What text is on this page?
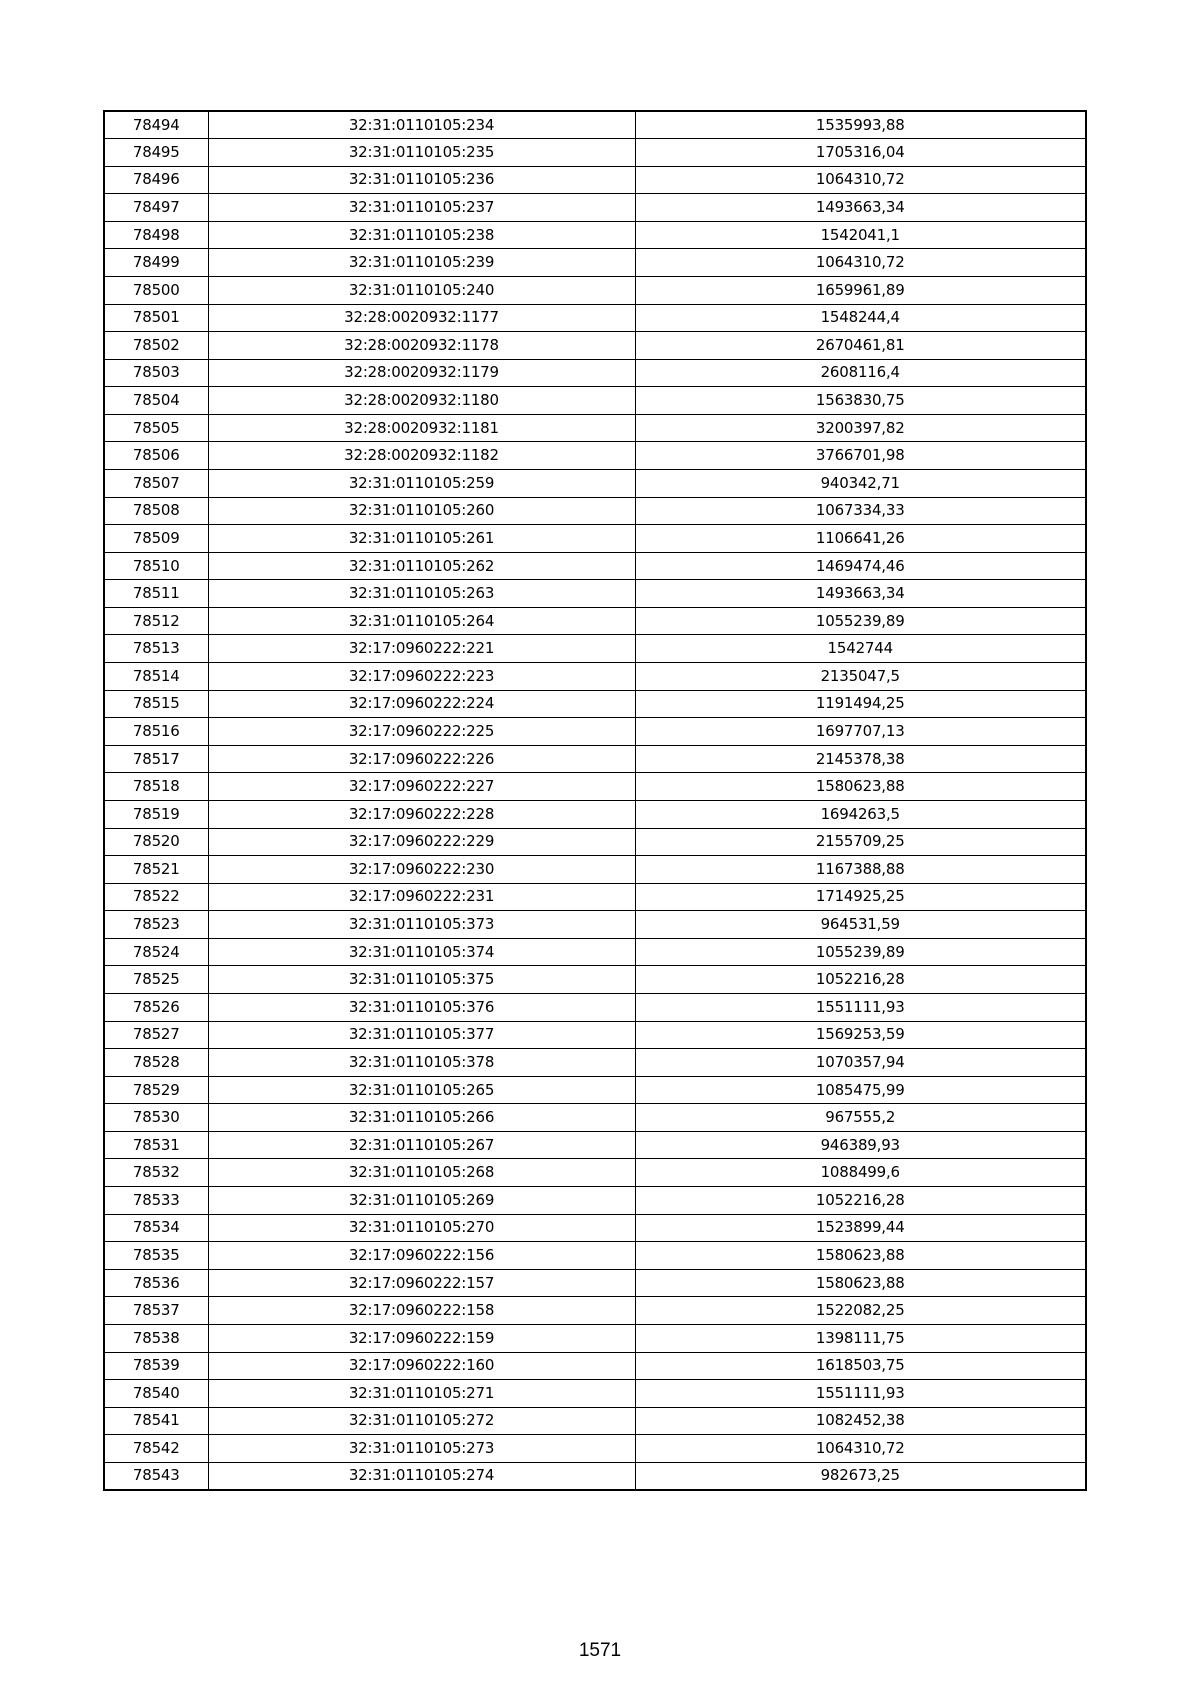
78494	32:31:0110105:234	1535993,88
78495	32:31:0110105:235	1705316,04
78496	32:31:0110105:236	1064310,72
78497	32:31:0110105:237	1493663,34
78498	32:31:0110105:238	1542041,1
78499	32:31:0110105:239	1064310,72
78500	32:31:0110105:240	1659961,89
78501	32:28:0020932:1177	1548244,4
78502	32:28:0020932:1178	2670461,81
78503	32:28:0020932:1179	2608116,4
78504	32:28:0020932:1180	1563830,75
78505	32:28:0020932:1181	3200397,82
78506	32:28:0020932:1182	3766701,98
78507	32:31:0110105:259	940342,71
78508	32:31:0110105:260	1067334,33
78509	32:31:0110105:261	1106641,26
78510	32:31:0110105:262	1469474,46
78511	32:31:0110105:263	1493663,34
78512	32:31:0110105:264	1055239,89
78513	32:17:0960222:221	1542744
78514	32:17:0960222:223	2135047,5
78515	32:17:0960222:224	1191494,25
78516	32:17:0960222:225	1697707,13
78517	32:17:0960222:226	2145378,38
78518	32:17:0960222:227	1580623,88
78519	32:17:0960222:228	1694263,5
78520	32:17:0960222:229	2155709,25
78521	32:17:0960222:230	1167388,88
78522	32:17:0960222:231	1714925,25
78523	32:31:0110105:373	964531,59
78524	32:31:0110105:374	1055239,89
78525	32:31:0110105:375	1052216,28
78526	32:31:0110105:376	1551111,93
78527	32:31:0110105:377	1569253,59
78528	32:31:0110105:378	1070357,94
78529	32:31:0110105:265	1085475,99
78530	32:31:0110105:266	967555,2
78531	32:31:0110105:267	946389,93
78532	32:31:0110105:268	1088499,6
78533	32:31:0110105:269	1052216,28
78534	32:31:0110105:270	1523899,44
78535	32:17:0960222:156	1580623,88
78536	32:17:0960222:157	1580623,88
78537	32:17:0960222:158	1522082,25
78538	32:17:0960222:159	1398111,75
78539	32:17:0960222:160	1618503,75
78540	32:31:0110105:271	1551111,93
78541	32:31:0110105:272	1082452,38
78542	32:31:0110105:273	1064310,72
78543	32:31:0110105:274	982673,25
1571
